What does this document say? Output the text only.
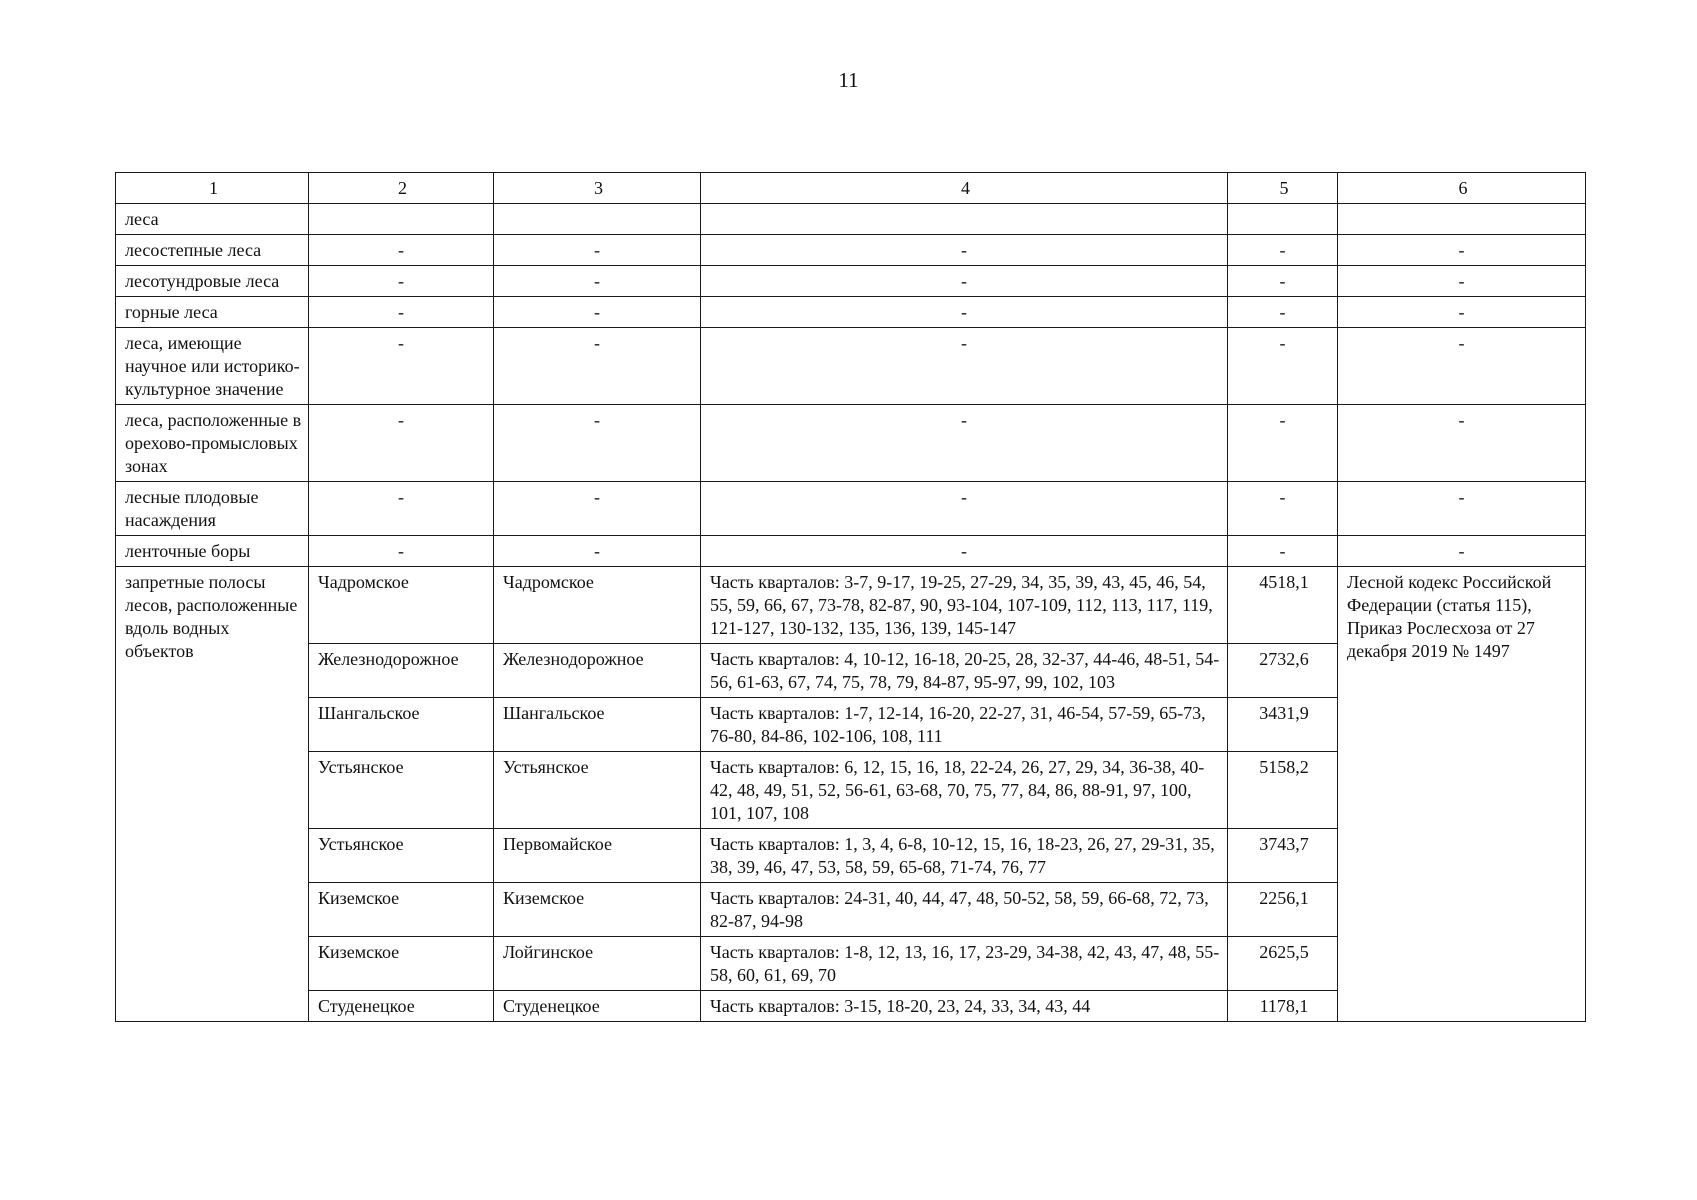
11
1	2	3	4	5	6
леса					
лесостепные леса	-	-	-	-	-
лесотундровые леса	-	-	-	-	-
горные леса	-	-	-	-	-
леса, имеющие научное или историко-культурное значение	-	-	-	-	-
леса, расположенные в орехово-промысловых зонах	-	-	-	-	-
лесные плодовые насаждения	-	-	-	-	-
ленточные боры	-	-	-	-	-
запретные полосы лесов, расположенные вдоль водных объектов	Чадромское	Чадромское	Часть кварталов: 3-7, 9-17, 19-25, 27-29, 34, 35, 39, 43, 45, 46, 54, 55, 59, 66, 67, 73-78, 82-87, 90, 93-104, 107-109, 112, 113, 117, 119, 121-127, 130-132, 135, 136, 139, 145-147	4518,1	Лесной кодекс Российской Федерации (статья 115), Приказ Рослесхоза от 27 декабря 2019 № 1497
	Железнодорожное	Железнодорожное	Часть кварталов: 4, 10-12, 16-18, 20-25, 28, 32-37, 44-46, 48-51, 54-56, 61-63, 67, 74, 75, 78, 79, 84-87, 95-97, 99, 102, 103	2732,6	
	Шангальское	Шангальское	Часть кварталов: 1-7, 12-14, 16-20, 22-27, 31, 46-54, 57-59, 65-73, 76-80, 84-86, 102-106, 108, 111	3431,9	
	Устьянское	Устьянское	Часть кварталов: 6, 12, 15, 16, 18, 22-24, 26, 27, 29, 34, 36-38, 40-42, 48, 49, 51, 52, 56-61, 63-68, 70, 75, 77, 84, 86, 88-91, 97, 100, 101, 107, 108	5158,2	
	Устьянское	Первомайское	Часть кварталов: 1, 3, 4, 6-8, 10-12, 15, 16, 18-23, 26, 27, 29-31, 35, 38, 39, 46, 47, 53, 58, 59, 65-68, 71-74, 76, 77	3743,7	
	Киземское	Киземское	Часть кварталов: 24-31, 40, 44, 47, 48, 50-52, 58, 59, 66-68, 72, 73, 82-87, 94-98	2256,1	
	Киземское	Лойгинское	Часть кварталов: 1-8, 12, 13, 16, 17, 23-29, 34-38, 42, 43, 47, 48, 55-58, 60, 61, 69, 70	2625,5	
	Студенецкое	Студенецкое	Часть кварталов: 3-15, 18-20, 23, 24, 33, 34, 43, 44	1178,1	
